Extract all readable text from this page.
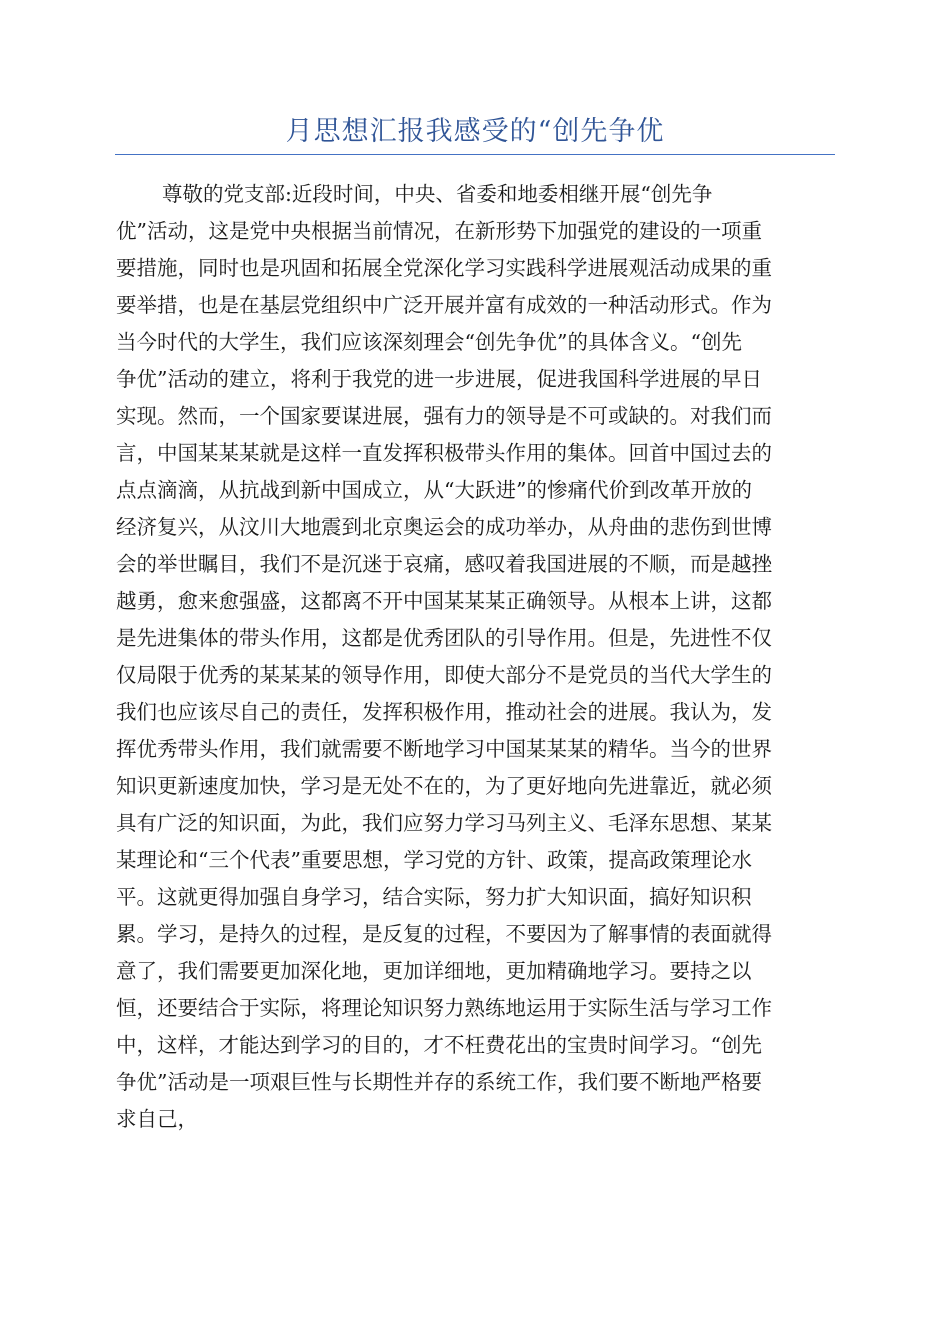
月思想汇报我感受的“创先争优
尊敬的党支部:近段时间，中央、省委和地委相继开展“创先争
优”活动，这是党中央根据当前情况，在新形势下加强党的建设的一项重
要措施，同时也是巩固和拓展全党深化学习实践科学进展观活动成果的重
要举措，也是在基层党组织中广泛开展并富有成效的一种活动形式。作为
当今时代的大学生，我们应该深刻理会“创先争优”的具体含义。“创先
争优”活动的建立，将利于我党的进一步进展，促进我国科学进展的早日
实现。然而，一个国家要谋进展，强有力的领导是不可或缺的。对我们而
言，中国某某某就是这样一直发挥积极带头作用的集体。回首中国过去的
点点滴滴，从抗战到新中国成立，从“大跃进”的惨痛代价到改革开放的
经济复兴，从汶川大地震到北京奥运会的成功举办，从舟曲的悲伤到世博
会的举世瞩目，我们不是沉迷于哀痛，感叹着我国进展的不顺，而是越挫
越勇，愈来愈强盛，这都离不开中国某某某正确领导。从根本上讲，这都
是先进集体的带头作用，这都是优秀团队的引导作用。但是，先进性不仅
仅局限于优秀的某某某的领导作用，即使大部分不是党员的当代大学生的
我们也应该尽自己的责任，发挥积极作用，推动社会的进展。我认为，发
挥优秀带头作用，我们就需要不断地学习中国某某某的精华。当今的世界
知识更新速度加快，学习是无处不在的，为了更好地向先进靠近，就必须
具有广泛的知识面，为此，我们应努力学习马列主义、毛泽东思想、某某
某理论和“三个代表”重要思想，学习党的方针、政策，提高政策理论水
平。这就更得加强自身学习，结合实际，努力扩大知识面，搞好知识积
累。学习，是持久的过程，是反复的过程，不要因为了解事情的表面就得
意了，我们需要更加深化地，更加详细地，更加精确地学习。要持之以
恒，还要结合于实际，将理论知识努力熟练地运用于实际生活与学习工作
中，这样，才能达到学习的目的，才不枉费花出的宝贵时间学习。“创先
争优”活动是一项艰巨性与长期性并存的系统工作，我们要不断地严格要
求自己，
